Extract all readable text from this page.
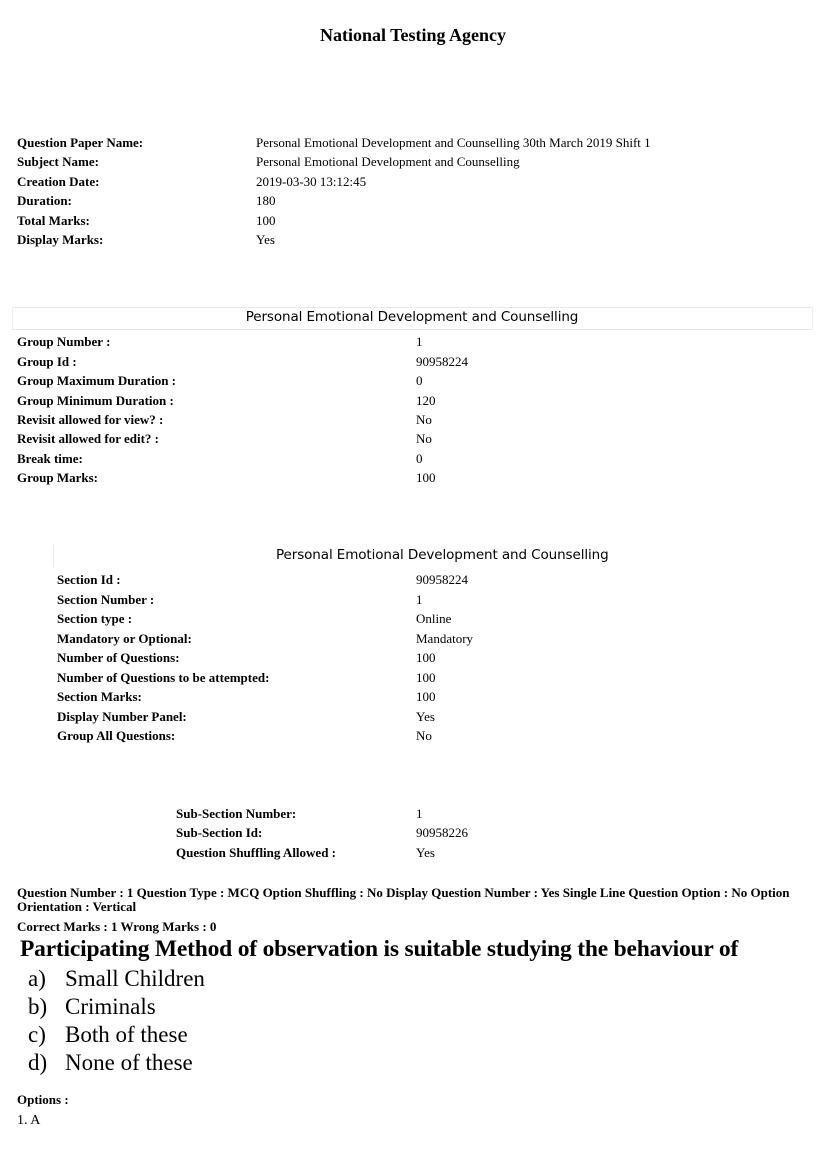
National Testing Agency
Question Paper Name:	Personal Emotional Development and Counselling 30th March 2019 Shift 1
Subject Name:	Personal Emotional Development and Counselling
Creation Date:	2019-03-30 13:12:45
Duration:	180
Total Marks:	100
Display Marks:	Yes
Personal Emotional Development and Counselling
Group Number :	1
Group Id :	90958224
Group Maximum Duration :	0
Group Minimum Duration :	120
Revisit allowed for view? :	No
Revisit allowed for edit? :	No
Break time:	0
Group Marks:	100
Personal Emotional Development and Counselling
Section Id :	90958224
Section Number :	1
Section type :	Online
Mandatory or Optional:	Mandatory
Number of Questions:	100
Number of Questions to be attempted:	100
Section Marks:	100
Display Number Panel:	Yes
Group All Questions:	No
Sub-Section Number:	1
Sub-Section Id:	90958226
Question Shuffling Allowed :	Yes
Question Number : 1 Question Type : MCQ Option Shuffling : No Display Question Number : Yes Single Line Question Option : No Option Orientation : Vertical
Correct Marks : 1 Wrong Marks : 0
Participating Method of observation is suitable studying the behaviour of
a) Small Children
b) Criminals
c) Both of these
d) None of these
Options :
1. A
